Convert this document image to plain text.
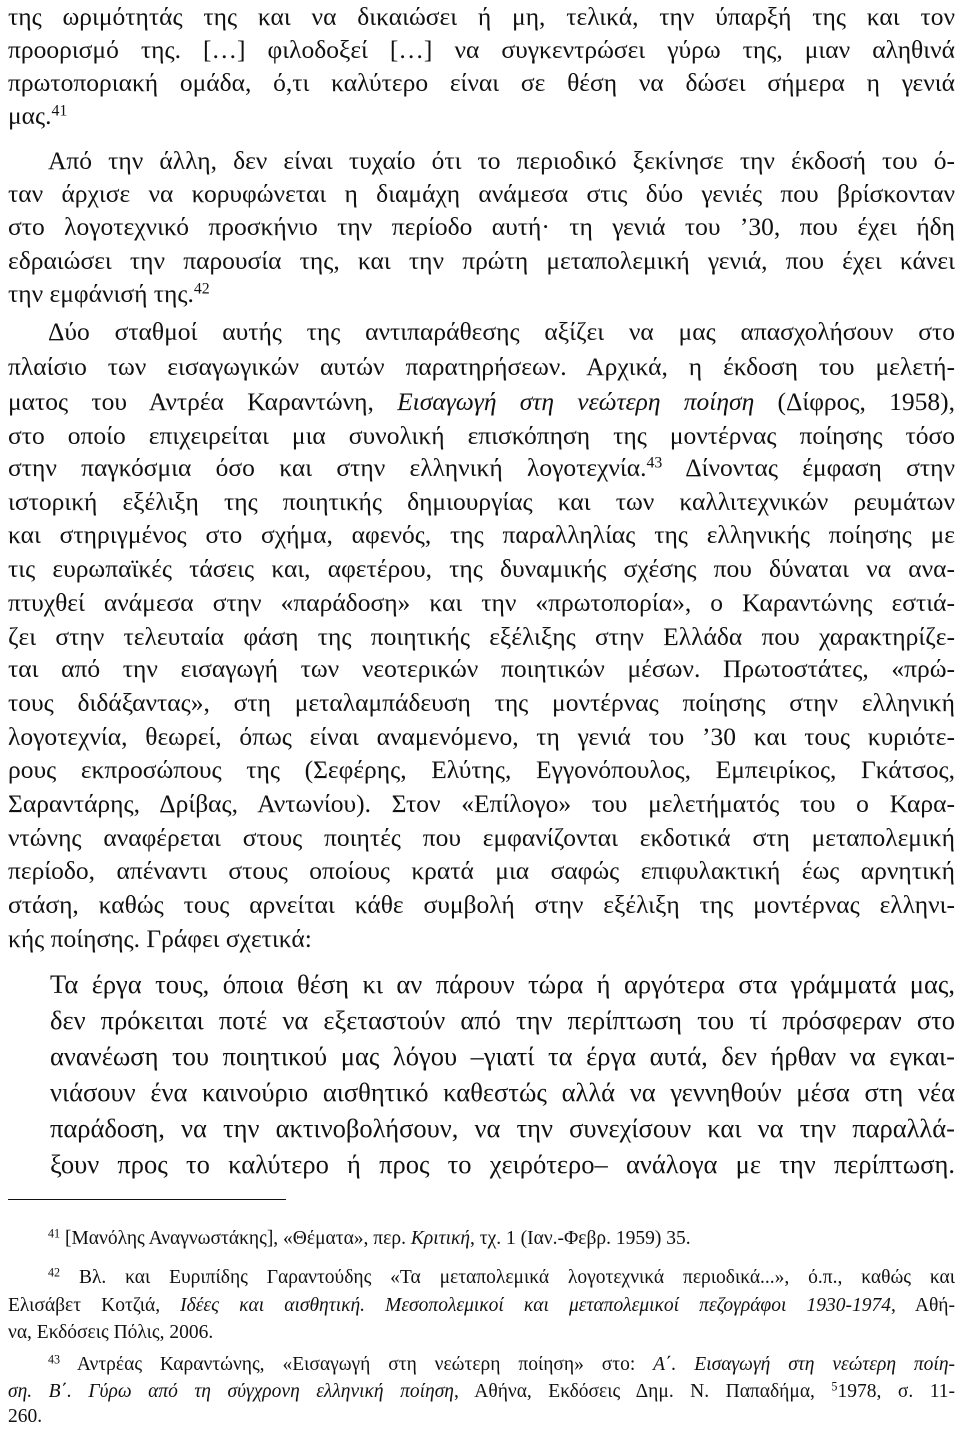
της ωριμότητάς της και να δικαιώσει ή μη, τελικά, την ύπαρξή της και τον
προορισμό της. […] φιλοδοξεί […] να συγκεντρώσει γύρω της, μιαν αληθινά
πρωτοποριακή ομάδα, ό,τι καλύτερο είναι σε θέση να δώσει σήμερα η γενιά
μας.$^{41}$
Από την άλλη, δεν είναι τυχαίο ότι το περιοδικό ξεκίνησε την έκδοσή του ό-
ταν άρχισε να κορυφώνεται η διαμάχη ανάμεσα στις δύο γενιές που βρίσκονταν
στο λογοτεχνικό προσκήνιο την περίοδο αυτή· τη γενιά του ’30, που έχει ήδη
εδραιώσει την παρουσία της, και την πρώτη μεταπολεμική γενιά, που έχει κάνει
την εμφάνισή της.$^{42}$
Δύο σταθμοί αυτής της αντιπαράθεσης αξίζει να μας απασχολήσουν στο
πλαίσιο των εισαγωγικών αυτών παρατηρήσεων. Αρχικά, η έκδοση του μελετή-
ματος του Αντρέα Καραντώνη, Εισαγωγή στη νεώτερη ποίηση (Δίφρος, 1958),
στο οποίο επιχειρείται μια συνολική επισκόπηση της μοντέρνας ποίησης τόσο
στην παγκόσμια όσο και στην ελληνική λογοτεχνία.$^{43}$ Δίνοντας έμφαση στην
ιστορική εξέλιξη της ποιητικής δημιουργίας και των καλλιτεχνικών ρευμάτων
και στηριγμένος στο σχήμα, αφενός, της παραλληλίας της ελληνικής ποίησης με
τις ευρωπαϊκές τάσεις και, αφετέρου, της δυναμικής σχέσης που δύναται να ανα-
πτυχθεί ανάμεσα στην «παράδοση» και την «πρωτοπορία», ο Καραντώνης εστιά-
ζει στην τελευταία φάση της ποιητικής εξέλιξης στην Ελλάδα που χαρακτηρίζε-
ται από την εισαγωγή των νεοτερικών ποιητικών μέσων. Πρωτοστάτες, «πρώ-
τους διδάξαντας», στη μεταλαμπάδευση της μοντέρνας ποίησης στην ελληνική
λογοτεχνία, θεωρεί, όπως είναι αναμενόμενο, τη γενιά του ’30 και τους κυριότε-
ρους εκπροσώπους της (Σεφέρης, Ελύτης, Εγγονόπουλος, Εμπειρίκος, Γκάτσος,
Σαραντάρης, Δρίβας, Αντωνίου). Στον «Επίλογο» του μελετήματός του ο Καρα-
ντώνης αναφέρεται στους ποιητές που εμφανίζονται εκδοτικά στη μεταπολεμική
περίοδο, απέναντι στους οποίους κρατά μια σαφώς επιφυλακτική έως αρνητική
στάση, καθώς τους αρνείται κάθε συμβολή στην εξέλιξη της μοντέρνας ελληνι-
κής ποίησης. Γράφει σχετικά:
Τα έργα τους, όποια θέση κι αν πάρουν τώρα ή αργότερα στα γράμματά μας,
δεν πρόκειται ποτέ να εξεταστούν από την περίπτωση του τί πρόσφεραν στο
ανανέωση του ποιητικού μας λόγου –γιατί τα έργα αυτά, δεν ήρθαν να εγκαι-
νιάσουν ένα καινούριο αισθητικό καθεστώς αλλά να γεννηθούν μέσα στη νέα
παράδοση, να την ακτινοβολήσουν, να την συνεχίσουν και να την παραλλά-
ξουν προς το καλύτερο ή προς το χειρότερο– ανάλογα με την περίπτωση.
$^{41}$ [Μανόλης Αναγνωστάκης], «Θέματα», περ. Κριτική, τχ. 1 (Ιαν.-Φεβρ. 1959) 35.
$^{42}$ Βλ. και Ευριπίδης Γαραντούδης «Τα μεταπολεμικά λογοτεχνικά περιοδικά...», ό.π., καθώς και
Ελισάβετ Κοτζιά, Ιδέες και αισθητική. Μεσοπολεμικοί και μεταπολεμικοί πεζογράφοι 1930-1974, Αθή-
να, Εκδόσεις Πόλις, 2006.
$^{43}$ Αντρέας Καραντώνης, «Εισαγωγή στη νεώτερη ποίηση» στο: Α΄. Εισαγωγή στη νεώτερη ποίη-
ση. Β΄. Γύρω από τη σύγχρονη ελληνική ποίηση, Αθήνα, Εκδόσεις Δημ. Ν. Παπαδήμα, $^5$1978, σ. 11-
260.
